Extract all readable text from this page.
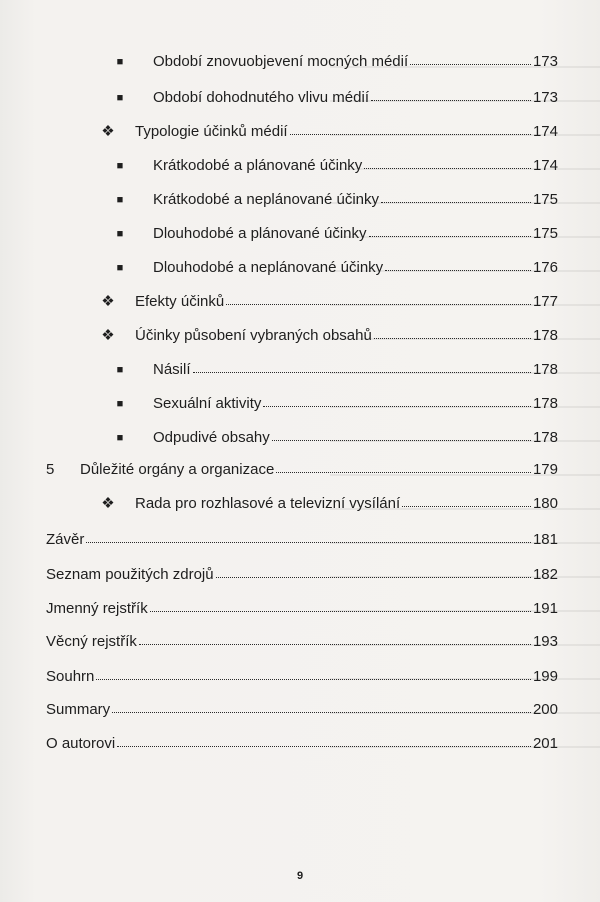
■ Období znovuobjevení mocných médií	173
■ Období dohodnutého vlivu médií	173
❖ Typologie účinků médií	174
■ Krátkodobé a plánované účinky	174
■ Krátkodobé a neplánované účinky	175
■ Dlouhodobé a plánované účinky	175
■ Dlouhodobé a neplánované účinky	176
❖ Efekty účinků	177
❖ Účinky působení vybraných obsahů	178
■ Násilí	178
■ Sexuální aktivity	178
■ Odpudivé obsahy	178
5	Důležité orgány a organizace	179
❖ Rada pro rozhlasové a televizní vysílání	180
Závěr	181
Seznam použitých zdrojů	182
Jmenný rejstřík	191
Věcný rejstřík	193
Souhrn	199
Summary	200
O autorovi	201
9
